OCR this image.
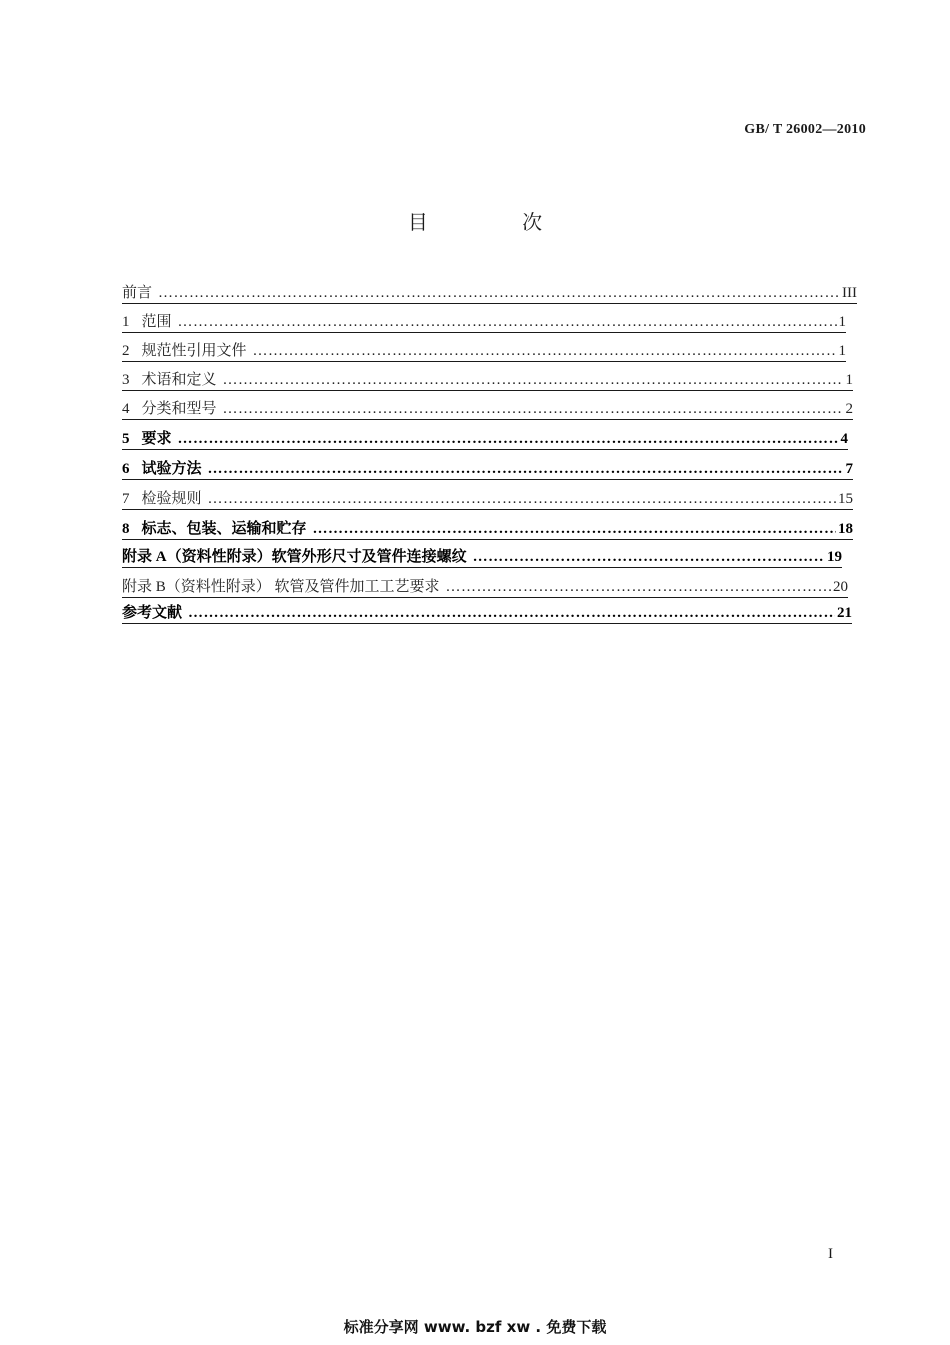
GB/ T 26002—2010
目 次
前言 ……………………………………………………………………………………………………………………………………………………………………………………………………………………	III
1 范围 ……………………………………………………………………………………………………………………………………………………………………………………………………………………	1
2 规范性引用文件 ……………………………………………………………………………………………………………………………………………………………………………………………………………………	1
3 术语和定义 ……………………………………………………………………………………………………………………………………………………………………………………………………………………	1
4 分类和型号 ……………………………………………………………………………………………………………………………………………………………………………………………………………………	2
5 要求 ……………………………………………………………………………………………………………………………………………………………………………………………………………………	4
6 试验方法 ……………………………………………………………………………………………………………………………………………………………………………………………………………………	7
7 检验规则 ……………………………………………………………………………………………………………………………………………………………………………………………………………………	15
8 标志、包装、运输和贮存 ……………………………………………………………………………………………………………………………………………………………………………………………………………………	18
附录 A（资料性附录）软管外形尺寸及管件连接螺纹 ……………………………………………………………………………………………………………………………………………………………………………………………………………………	19
附录 B（资料性附录） 软管及管件加工工艺要求 ……………………………………………………………………………………………………………………………………………………………………………………………………………………	20
参考文献 ……………………………………………………………………………………………………………………………………………………………………………………………………………………	21
I
标准分享网 www. bzf xw . 免费下载
